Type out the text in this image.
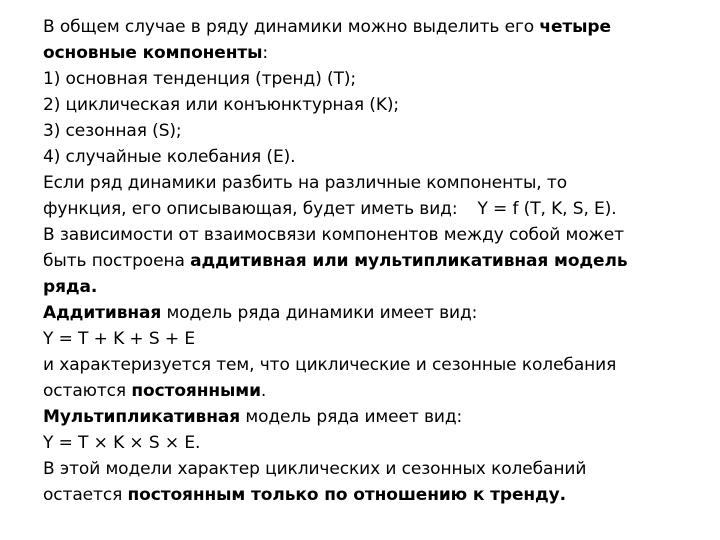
В общем случае в ряду динамики можно выделить его четыре
основные компоненты:
1) основная тенденция (тренд) (T);
2) циклическая или конъюнктурная (K);
3) сезонная (S);
4) случайные колебания (E).
Если ряд динамики разбить на различные компоненты, то
функция, его описывающая, будет иметь вид: Y = f (T, K, S, E).
В зависимости от взаимосвязи компонентов между собой может
быть построена аддитивная или мультипликативная модель
ряда.
Аддитивная модель ряда динамики имеет вид:
Y = T + K + S + E
и характеризуется тем, что циклические и сезонные колебания
остаются постоянными.
Мультипликативная модель ряда имеет вид:
Y = T × K × S × E.
В этой модели характер циклических и сезонных колебаний
остается постоянным только по отношению к тренду.
